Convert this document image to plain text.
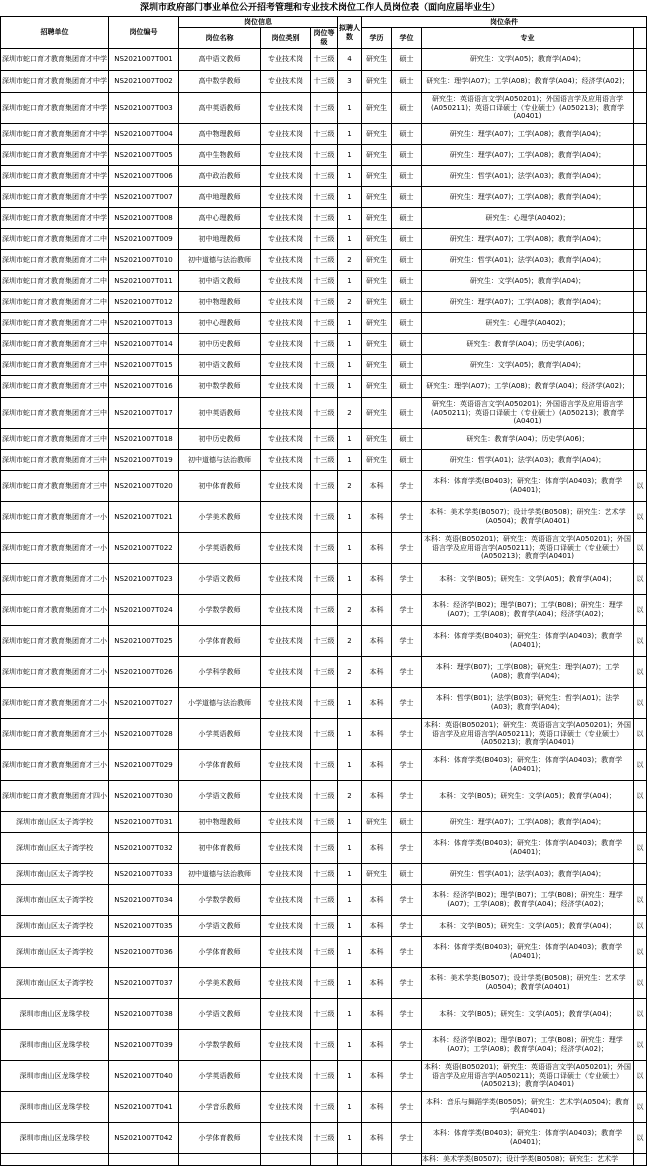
深圳市政府部门事业单位公开招考管理和专业技术岗位工作人员岗位表（面向应届毕业生）
	招聘单位	岗位编号	岗位信息			拟聘人数	岗位条件			
			岗位名称	岗位类别	岗位等级		学历	学位	专业	
	深圳市蛇口育才教育集团育才中学	NS2021007T001	高中语文教师	专业技术岗	十三级	4	研究生	硕士	研究生：文学(A05)；教育学(A04)；	
	深圳市蛇口育才教育集团育才中学	NS2021007T002	高中数学教师	专业技术岗	十三级	3	研究生	硕士	研究生：理学(A07)；工学(A08)；教育学(A04)；经济学(A02)；	
	深圳市蛇口育才教育集团育才中学	NS2021007T003	高中英语教师	专业技术岗	十三级	1	研究生	硕士	研究生：英语语言文学(A050201)；外国语言学及应用语言学(A050211)；英语口译硕士（专业硕士）(A050213)；教育学(A0401)	
	深圳市蛇口育才教育集团育才中学	NS2021007T004	高中物理教师	专业技术岗	十三级	1	研究生	硕士	研究生：理学(A07)；工学(A08)；教育学(A04)；	
	深圳市蛇口育才教育集团育才中学	NS2021007T005	高中生物教师	专业技术岗	十三级	1	研究生	硕士	研究生：理学(A07)；工学(A08)；教育学(A04)；	
	深圳市蛇口育才教育集团育才中学	NS2021007T006	高中政治教师	专业技术岗	十三级	1	研究生	硕士	研究生：哲学(A01)；法学(A03)；教育学(A04)；	
	深圳市蛇口育才教育集团育才中学	NS2021007T007	高中地理教师	专业技术岗	十三级	1	研究生	硕士	研究生：理学(A07)；工学(A08)；教育学(A04)；	
	深圳市蛇口育才教育集团育才中学	NS2021007T008	高中心理教师	专业技术岗	十三级	1	研究生	硕士	研究生：心理学(A0402)；	
	深圳市蛇口育才教育集团育才二中	NS2021007T009	初中地理教师	专业技术岗	十三级	1	研究生	硕士	研究生：理学(A07)；工学(A08)；教育学(A04)；	
	深圳市蛇口育才教育集团育才二中	NS2021007T010	初中道德与法治教师	专业技术岗	十三级	2	研究生	硕士	研究生：哲学(A01)；法学(A03)；教育学(A04)；	
	深圳市蛇口育才教育集团育才二中	NS2021007T011	初中语文教师	专业技术岗	十三级	1	研究生	硕士	研究生：文学(A05)；教育学(A04)；	
	深圳市蛇口育才教育集团育才二中	NS2021007T012	初中物理教师	专业技术岗	十三级	2	研究生	硕士	研究生：理学(A07)；工学(A08)；教育学(A04)；	
	深圳市蛇口育才教育集团育才二中	NS2021007T013	初中心理教师	专业技术岗	十三级	1	研究生	硕士	研究生：心理学(A0402)；	
	深圳市蛇口育才教育集团育才三中	NS2021007T014	初中历史教师	专业技术岗	十三级	1	研究生	硕士	研究生：教育学(A04)；历史学(A06)；	
	深圳市蛇口育才教育集团育才三中	NS2021007T015	初中语文教师	专业技术岗	十三级	1	研究生	硕士	研究生：文学(A05)；教育学(A04)；	
	深圳市蛇口育才教育集团育才三中	NS2021007T016	初中数学教师	专业技术岗	十三级	1	研究生	硕士	研究生：理学(A07)；工学(A08)；教育学(A04)；经济学(A02)；	
	深圳市蛇口育才教育集团育才三中	NS2021007T017	初中英语教师	专业技术岗	十三级	2	研究生	硕士	研究生：英语语言文学(A050201)；外国语言学及应用语言学(A050211)；英语口译硕士（专业硕士）(A050213)；教育学(A0401)	
	深圳市蛇口育才教育集团育才三中	NS2021007T018	初中历史教师	专业技术岗	十三级	1	研究生	硕士	研究生：教育学(A04)；历史学(A06)；	
	深圳市蛇口育才教育集团育才三中	NS2021007T019	初中道德与法治教师	专业技术岗	十三级	1	研究生	硕士	研究生：哲学(A01)；法学(A03)；教育学(A04)；	
	深圳市蛇口育才教育集团育才三中	NS2021007T020	初中体育教师	专业技术岗	十三级	2	本科	学士	本科：体育学类(B0403)；研究生：体育学(A0403)；教育学(A0401)；	以
	深圳市蛇口育才教育集团育才一小	NS2021007T021	小学美术教师	专业技术岗	十三级	1	本科	学士	本科：美术学类(B0507)；设计学类(B0508)；研究生：艺术学(A0504)；教育学(A0401)	以
	深圳市蛇口育才教育集团育才一小	NS2021007T022	小学英语教师	专业技术岗	十三级	1	本科	学士	本科：英语(B050201)；研究生：英语语言文学(A050201)；外国语言学及应用语言学(A050211)；英语口译硕士（专业硕士）(A050213)；教育学(A0401)	以
	深圳市蛇口育才教育集团育才二小	NS2021007T023	小学语文教师	专业技术岗	十三级	1	本科	学士	本科：文学(B05)；研究生：文学(A05)；教育学(A04)；	以
	深圳市蛇口育才教育集团育才二小	NS2021007T024	小学数学教师	专业技术岗	十三级	2	本科	学士	本科：经济学(B02)；理学(B07)；工学(B08)；研究生：理学(A07)；工学(A08)；教育学(A04)；经济学(A02)；	以
	深圳市蛇口育才教育集团育才二小	NS2021007T025	小学体育教师	专业技术岗	十三级	2	本科	学士	本科：体育学类(B0403)；研究生：体育学(A0403)；教育学(A0401)；	以
	深圳市蛇口育才教育集团育才二小	NS2021007T026	小学科学教师	专业技术岗	十三级	2	本科	学士	本科：理学(B07)；工学(B08)；研究生：理学(A07)；工学(A08)；教育学(A04)；	以
	深圳市蛇口育才教育集团育才二小	NS2021007T027	小学道德与法治教师	专业技术岗	十三级	1	本科	学士	本科：哲学(B01)；法学(B03)；研究生：哲学(A01)；法学(A03)；教育学(A04)；	以
	深圳市蛇口育才教育集团育才三小	NS2021007T028	小学英语教师	专业技术岗	十三级	1	本科	学士	本科：英语(B050201)；研究生：英语语言文学(A050201)；外国语言学及应用语言学(A050211)；英语口译硕士（专业硕士）(A050213)；教育学(A0401)	以
	深圳市蛇口育才教育集团育才三小	NS2021007T029	小学体育教师	专业技术岗	十三级	1	本科	学士	本科：体育学类(B0403)；研究生：体育学(A0403)；教育学(A0401)；	以
	深圳市蛇口育才教育集团育才四小	NS2021007T030	小学语文教师	专业技术岗	十三级	2	本科	学士	本科：文学(B05)；研究生：文学(A05)；教育学(A04)；	以
	深圳市南山区太子湾学校	NS2021007T031	初中物理教师	专业技术岗	十三级	1	研究生	硕士	研究生：理学(A07)；工学(A08)；教育学(A04)；	
	深圳市南山区太子湾学校	NS2021007T032	初中体育教师	专业技术岗	十三级	1	本科	学士	本科：体育学类(B0403)；研究生：体育学(A0403)；教育学(A0401)；	以
	深圳市南山区太子湾学校	NS2021007T033	初中道德与法治教师	专业技术岗	十三级	1	研究生	硕士	研究生：哲学(A01)；法学(A03)；教育学(A04)；	
	深圳市南山区太子湾学校	NS2021007T034	小学数学教师	专业技术岗	十三级	1	本科	学士	本科：经济学(B02)；理学(B07)；工学(B08)；研究生：理学(A07)；工学(A08)；教育学(A04)；经济学(A02)；	以
	深圳市南山区太子湾学校	NS2021007T035	小学语文教师	专业技术岗	十三级	1	本科	学士	本科：文学(B05)；研究生：文学(A05)；教育学(A04)；	以
	深圳市南山区太子湾学校	NS2021007T036	小学体育教师	专业技术岗	十三级	1	本科	学士	本科：体育学类(B0403)；研究生：体育学(A0403)；教育学(A0401)；	以
	深圳市南山区太子湾学校	NS2021007T037	小学美术教师	专业技术岗	十三级	1	本科	学士	本科：美术学类(B0507)；设计学类(B0508)；研究生：艺术学(A0504)；教育学(A0401)	以
	深圳市南山区龙珠学校	NS2021007T038	小学语文教师	专业技术岗	十三级	1	本科	学士	本科：文学(B05)；研究生：文学(A05)；教育学(A04)；	以
	深圳市南山区龙珠学校	NS2021007T039	小学数学教师	专业技术岗	十三级	1	本科	学士	本科：经济学(B02)；理学(B07)；工学(B08)；研究生：理学(A07)；工学(A08)；教育学(A04)；经济学(A02)；	以
	深圳市南山区龙珠学校	NS2021007T040	小学英语教师	专业技术岗	十三级	1	本科	学士	本科：英语(B050201)；研究生：英语语言文学(A050201)；外国语言学及应用语言学(A050211)；英语口译硕士（专业硕士）(A050213)；教育学(A0401)	以
	深圳市南山区龙珠学校	NS2021007T041	小学音乐教师	专业技术岗	十三级	1	本科	学士	本科：音乐与舞蹈学类(B0505)；研究生：艺术学(A0504)；教育学(A0401)	以
	深圳市南山区龙珠学校	NS2021007T042	小学体育教师	专业技术岗	十三级	1	本科	学士	本科：体育学类(B0403)；研究生：体育学(A0403)；教育学(A0401)；	以
									本科：美术学类(B0507)；设计学类(B0508)；研究生：艺术学	
